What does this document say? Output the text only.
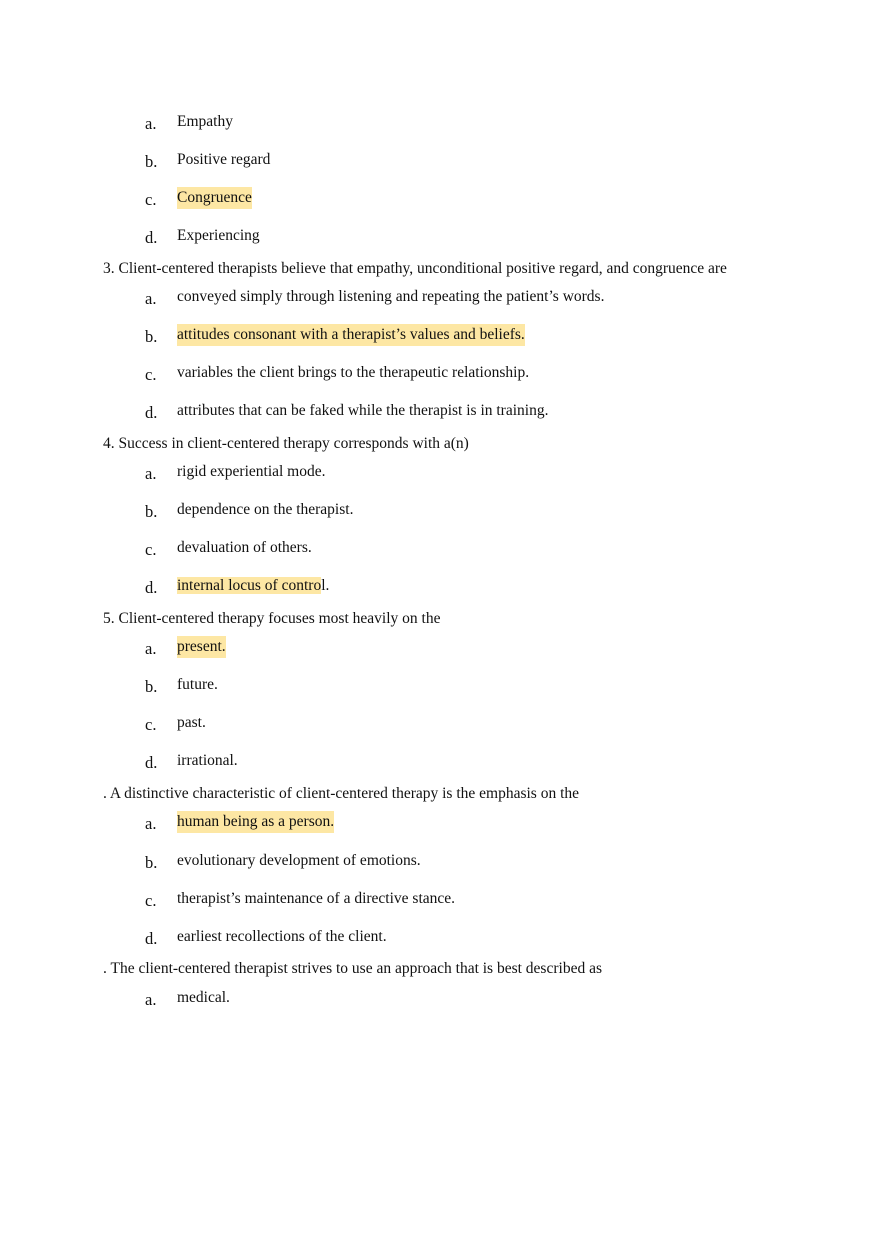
a. Empathy
b. Positive regard
c. Congruence
d. Experiencing
3. Client-centered therapists believe that empathy, unconditional positive regard, and congruence are
a. conveyed simply through listening and repeating the patient’s words.
b. attitudes consonant with a therapist’s values and beliefs.
c. variables the client brings to the therapeutic relationship.
d. attributes that can be faked while the therapist is in training.
4. Success in client-centered therapy corresponds with a(n)
a. rigid experiential mode.
b. dependence on the therapist.
c. devaluation of others.
d. internal locus of control.
5. Client-centered therapy focuses most heavily on the
a. present.
b. future.
c. past.
d. irrational.
. A distinctive characteristic of client-centered therapy is the emphasis on the
a. human being as a person.
b. evolutionary development of emotions.
c. therapist’s maintenance of a directive stance.
d. earliest recollections of the client.
. The client-centered therapist strives to use an approach that is best described as
a. medical.
